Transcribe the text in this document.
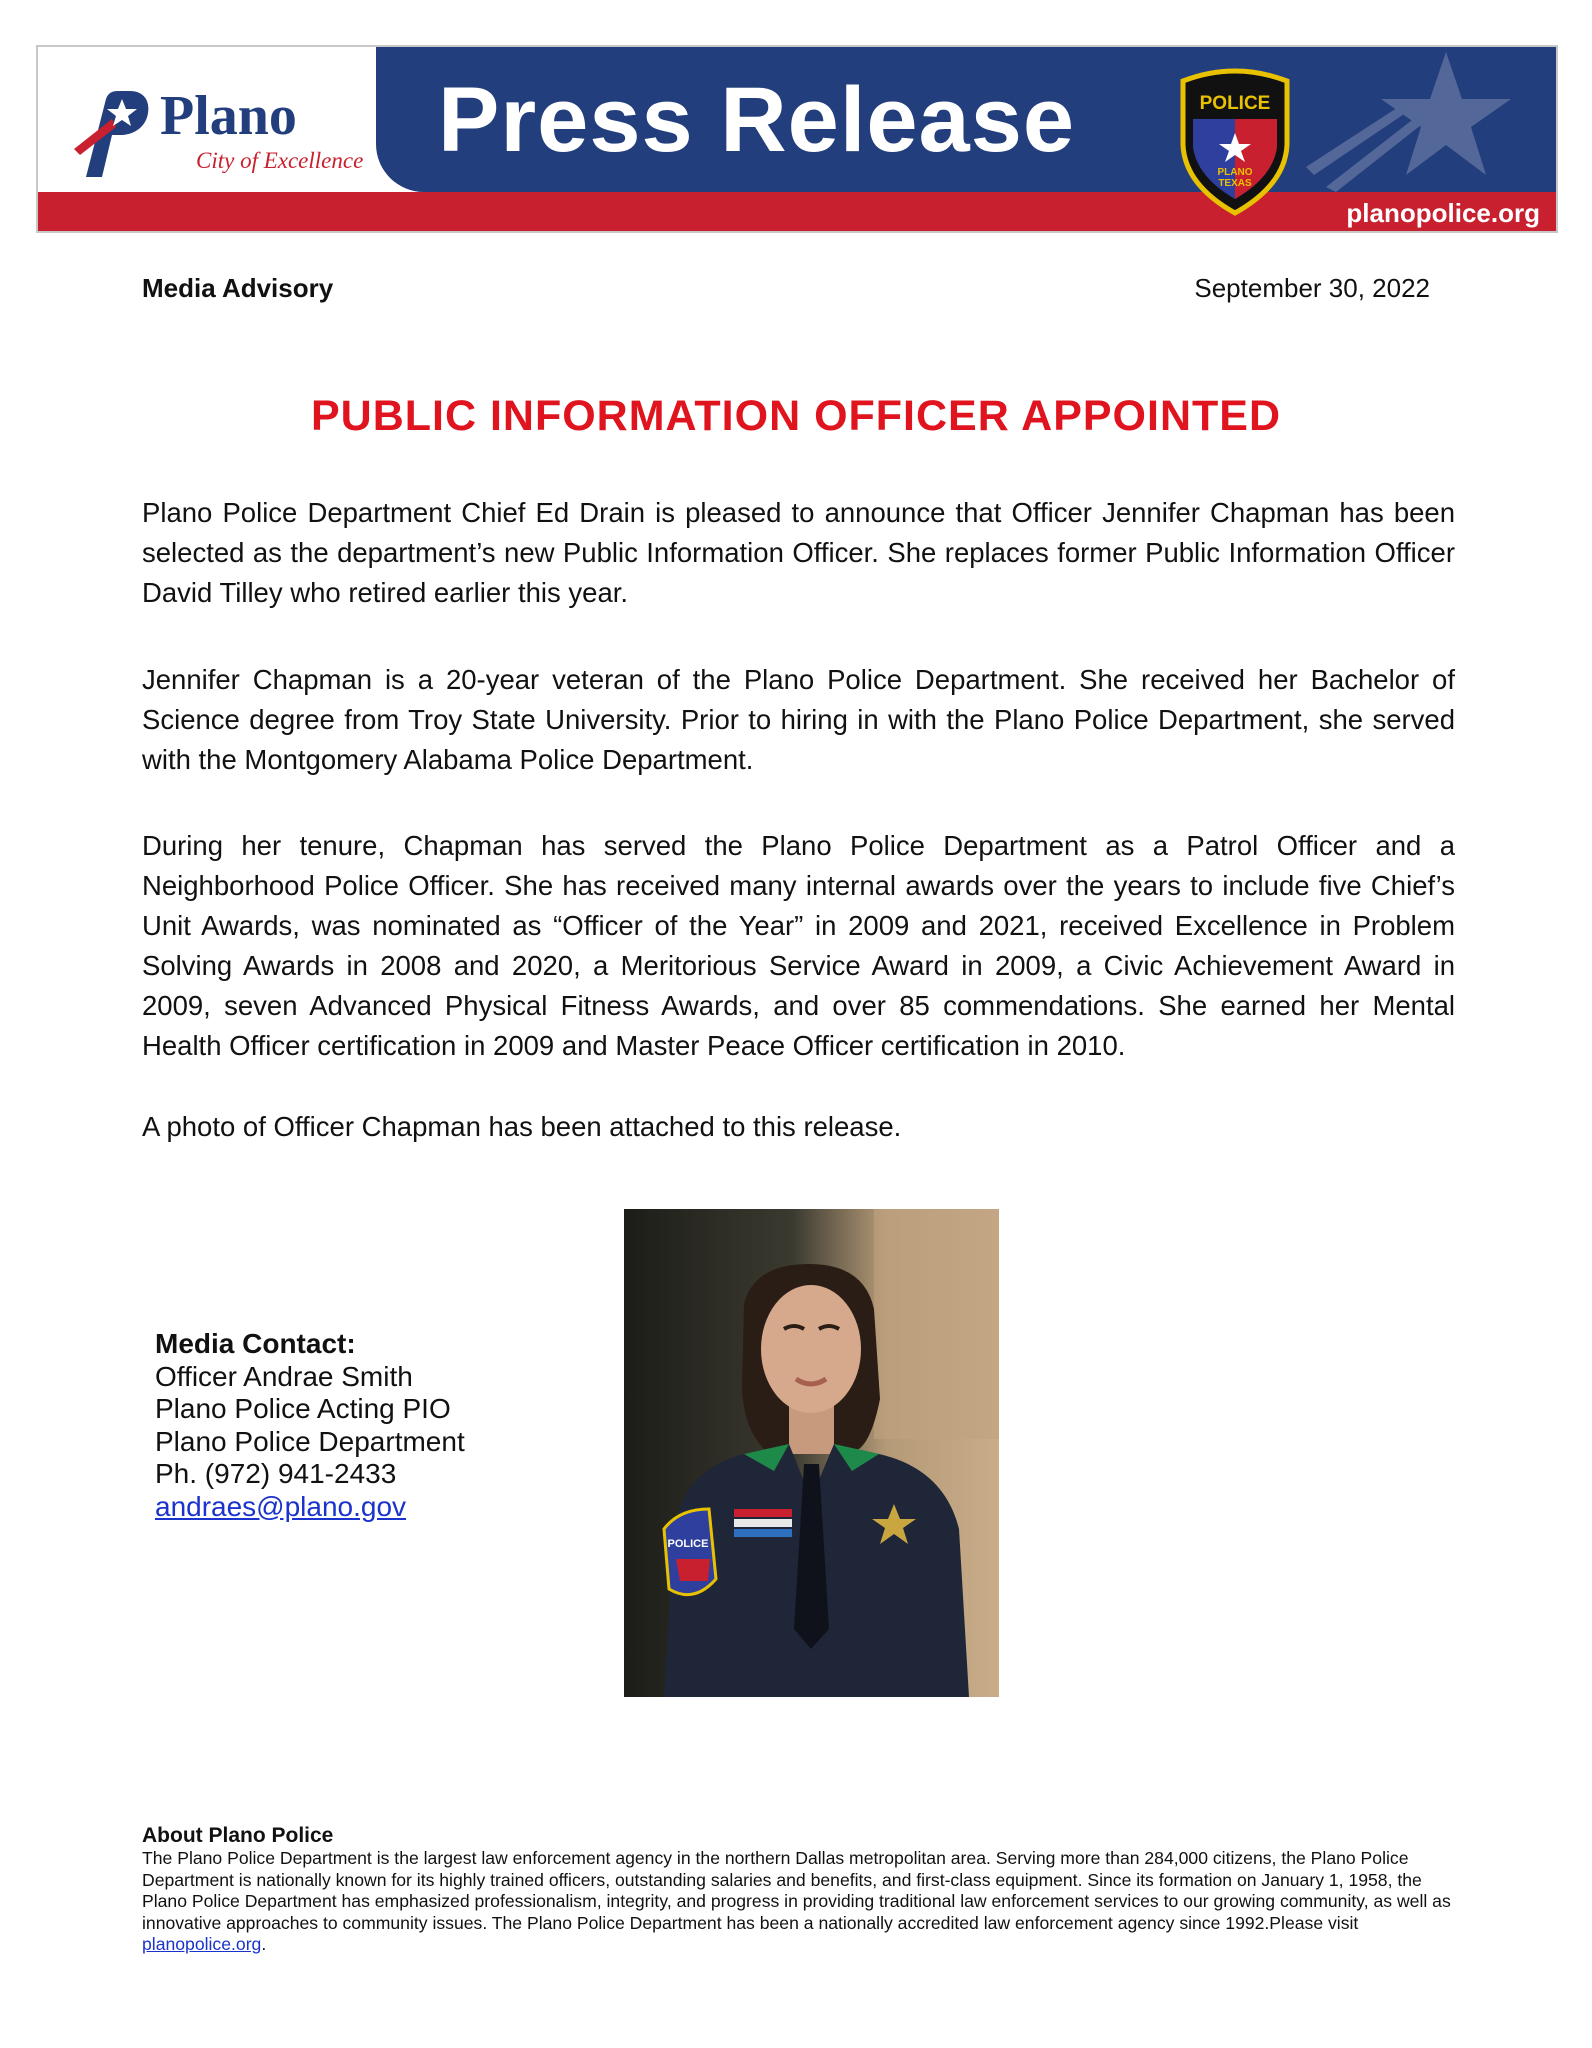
Plano
City of Excellence Press Release	POLICE
PLANO
TEXAS
planopolice.org
Media Advisory	September 30, 2022
PUBLIC INFORMATION OFFICER APPOINTED

Plano Police Department Chief Ed Drain is pleased to announce that Officer Jennifer Chapman has been selected as the department’s new Public Information Officer. She replaces former Public Information Officer David Tilley who retired earlier this year.

Jennifer Chapman is a 20-year veteran of the Plano Police Department. She received her Bachelor of Science degree from Troy State University. Prior to hiring in with the Plano Police Department, she served with the Montgomery Alabama Police Department.

During her tenure, Chapman has served the Plano Police Department as a Patrol Officer and a Neighborhood Police Officer. She has received many internal awards over the years to include five Chief’s Unit Awards, was nominated as “Officer of the Year” in 2009 and 2021, received Excellence in Problem Solving Awards in 2008 and 2020, a Meritorious Service Award in 2009, a Civic Achievement Award in 2009, seven Advanced Physical Fitness Awards, and over 85 commendations. She earned her Mental Health Officer certification in 2009 and Master Peace Officer certification in 2010.

A photo of Officer Chapman has been attached to this release.

POLICE
Media Contact:
Officer Andrae Smith
Plano Police Acting PIO
Plano Police Department
Ph. (972) 941-2433
andraes@plano.gov
About Plano Police

The Plano Police Department is the largest law enforcement agency in the northern Dallas metropolitan area. Serving more than 284,000 citizens, the Plano Police Department is nationally known for its highly trained officers, outstanding salaries and benefits, and first-class equipment. Since its formation on January 1, 1958, the Plano Police Department has emphasized professionalism, integrity, and progress in providing traditional law enforcement services to our growing community, as well as innovative approaches to community issues. The Plano Police Department has been a nationally accredited law enforcement agency since 1992.Please visit planopolice.org.
